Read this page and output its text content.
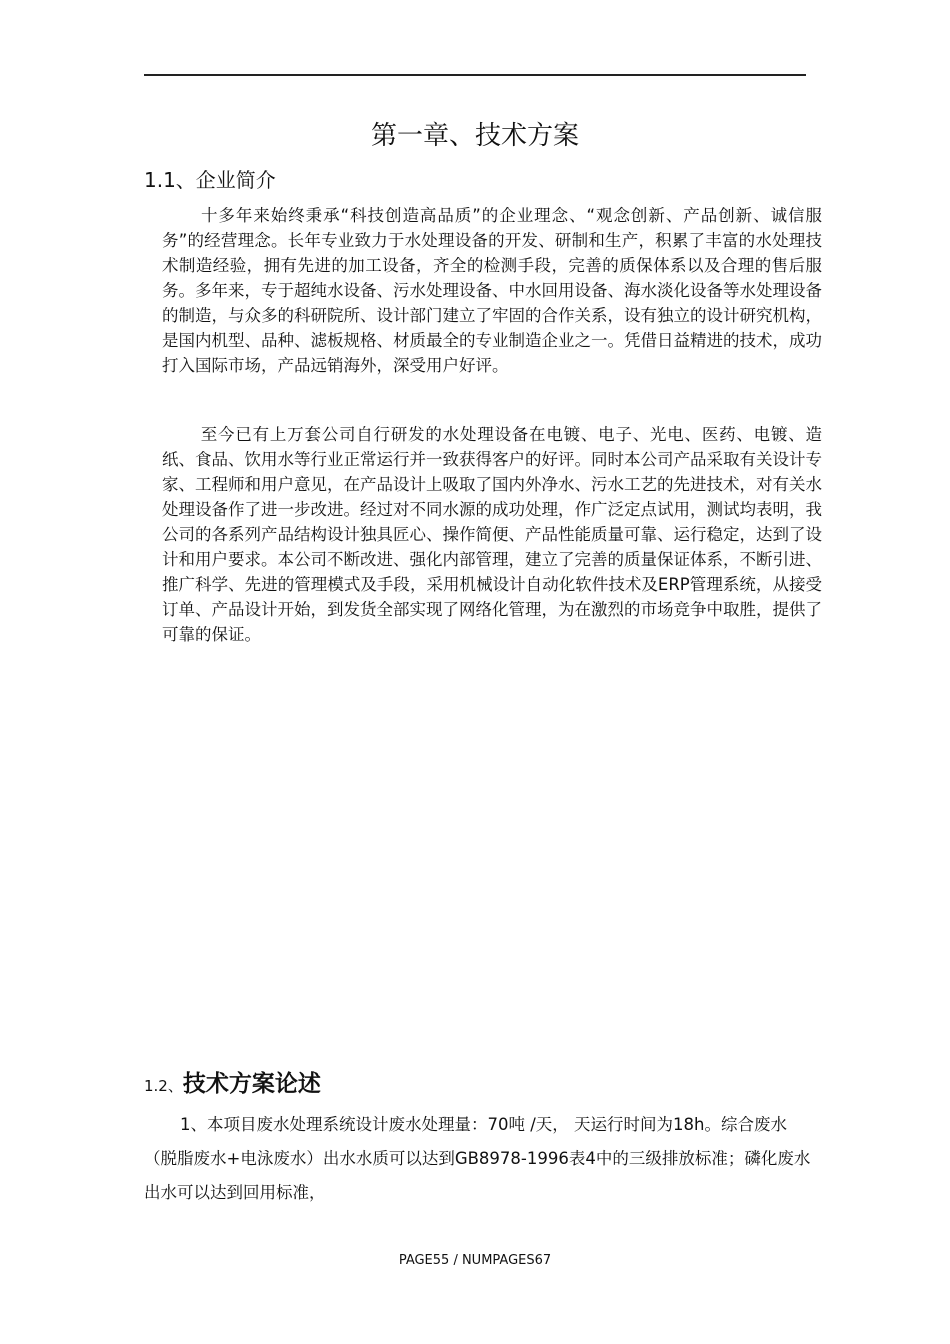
第一章、技术方案
1.1、企业简介

十多年来始终秉承“科技创造高品质”的企业理念、“观念创新、产品创新、诚信服务”的经营理念。长年专业致力于水处理设备的开发、研制和生产，积累了丰富的水处理技术制造经验，拥有先进的加工设备，齐全的检测手段，完善的质保体系以及合理的售后服务。多年来，专于超纯水设备、污水处理设备、中水回用设备、海水淡化设备等水处理设备的制造，与众多的科研院所、设计部门建立了牢固的合作关系，设有独立的设计研究机构，是国内机型、品种、滤板规格、材质最全的专业制造企业之一。凭借日益精进的技术，成功打入国际市场，产品远销海外，深受用户好评。

至今已有上万套公司自行研发的水处理设备在电镀、电子、光电、医药、电镀、造纸、食品、饮用水等行业正常运行并一致获得客户的好评。同时本公司产品采取有关设计专家、工程师和用户意见，在产品设计上吸取了国内外净水、污水工艺的先进技术，对有关水处理设备作了进一步改进。经过对不同水源的成功处理，作广泛定点试用，测试均表明，我公司的各系列产品结构设计独具匠心、操作简便、产品性能质量可靠、运行稳定，达到了设计和用户要求。本公司不断改进、强化内部管理，建立了完善的质量保证体系，不断引进、推广科学、先进的管理模式及手段，采用机械设计自动化软件技术及ERP管理系统，从接受订单、产品设计开始，到发货全部实现了网络化管理，为在激烈的市场竞争中取胜，提供了可靠的保证。

1.2、技术方案论述

1、本项目废水处理系统设计废水处理量：70吨 /天， 天运行时间为18h。综合废水（脱脂废水+电泳废水）出水水质可以达到GB8978-1996表4中的三级排放标准；磷化废水出水可以达到回用标准，

PAGE55 / NUMPAGES67
